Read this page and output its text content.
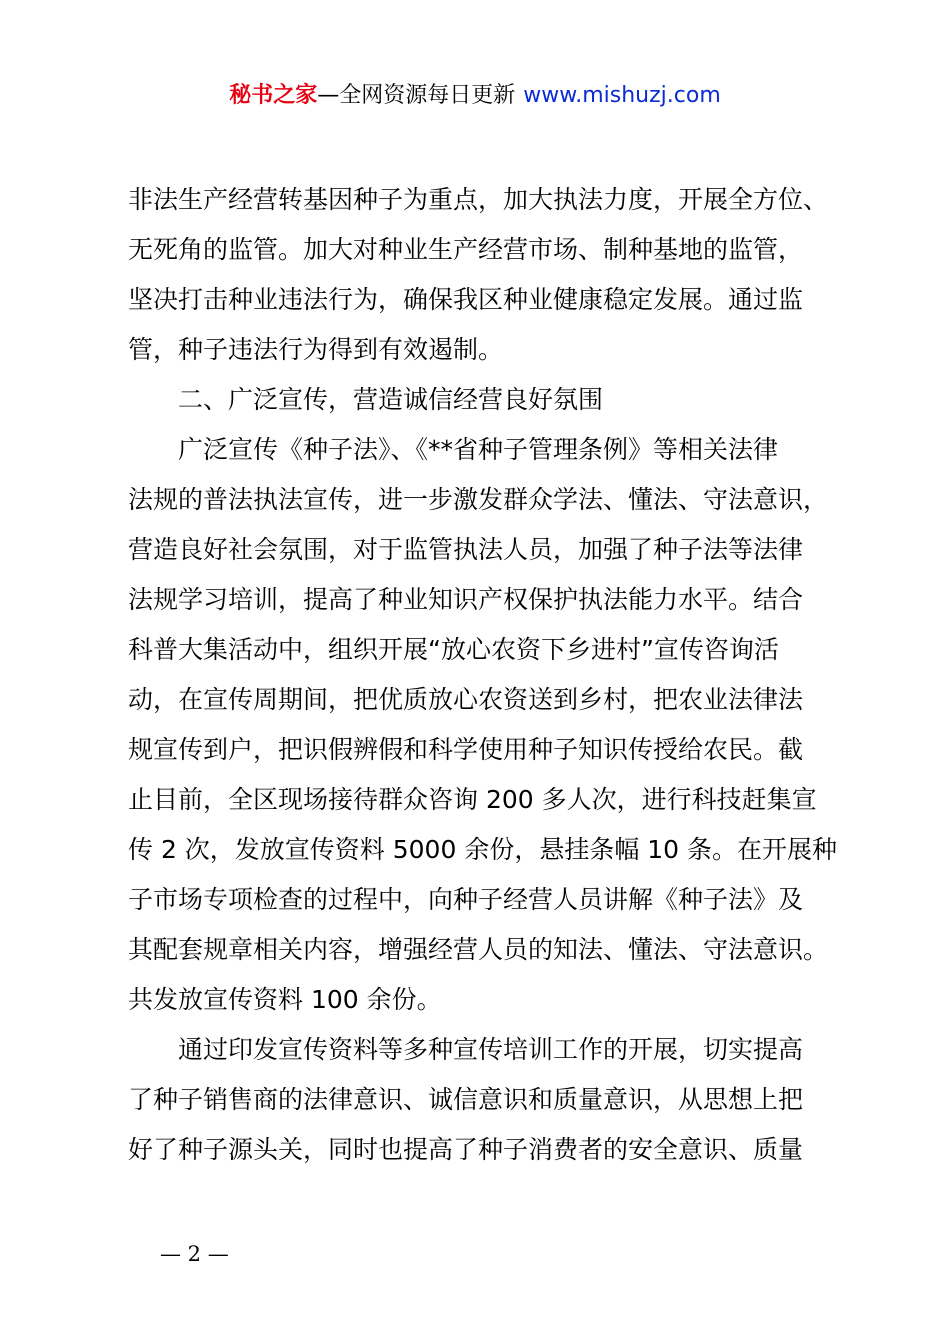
秘书之家—全网资源每日更新 www.mishuzj.com
非法生产经营转基因种子为重点，加大执法力度，开展全方位、
无死角的监管。加大对种业生产经营市场、制种基地的监管，
坚决打击种业违法行为，确保我区种业健康稳定发展。通过监
管，种子违法行为得到有效遏制。
二、广泛宣传，营造诚信经营良好氛围
广泛宣传《种子法》、《**省种子管理条例》等相关法律
法规的普法执法宣传，进一步激发群众学法、懂法、守法意识，
营造良好社会氛围，对于监管执法人员，加强了种子法等法律
法规学习培训，提高了种业知识产权保护执法能力水平。结合
科普大集活动中，组织开展“放心农资下乡进村”宣传咨询活
动，在宣传周期间，把优质放心农资送到乡村，把农业法律法
规宣传到户，把识假辨假和科学使用种子知识传授给农民。截
止目前，全区现场接待群众咨询 200 多人次，进行科技赶集宣
传 2 次，发放宣传资料 5000 余份，悬挂条幅 10 条。在开展种
子市场专项检查的过程中，向种子经营人员讲解《种子法》及
其配套规章相关内容，增强经营人员的知法、懂法、守法意识。
共发放宣传资料 100 余份。
通过印发宣传资料等多种宣传培训工作的开展，切实提高
了种子销售商的法律意识、诚信意识和质量意识，从思想上把
好了种子源头关，同时也提高了种子消费者的安全意识、质量
— 2 —
